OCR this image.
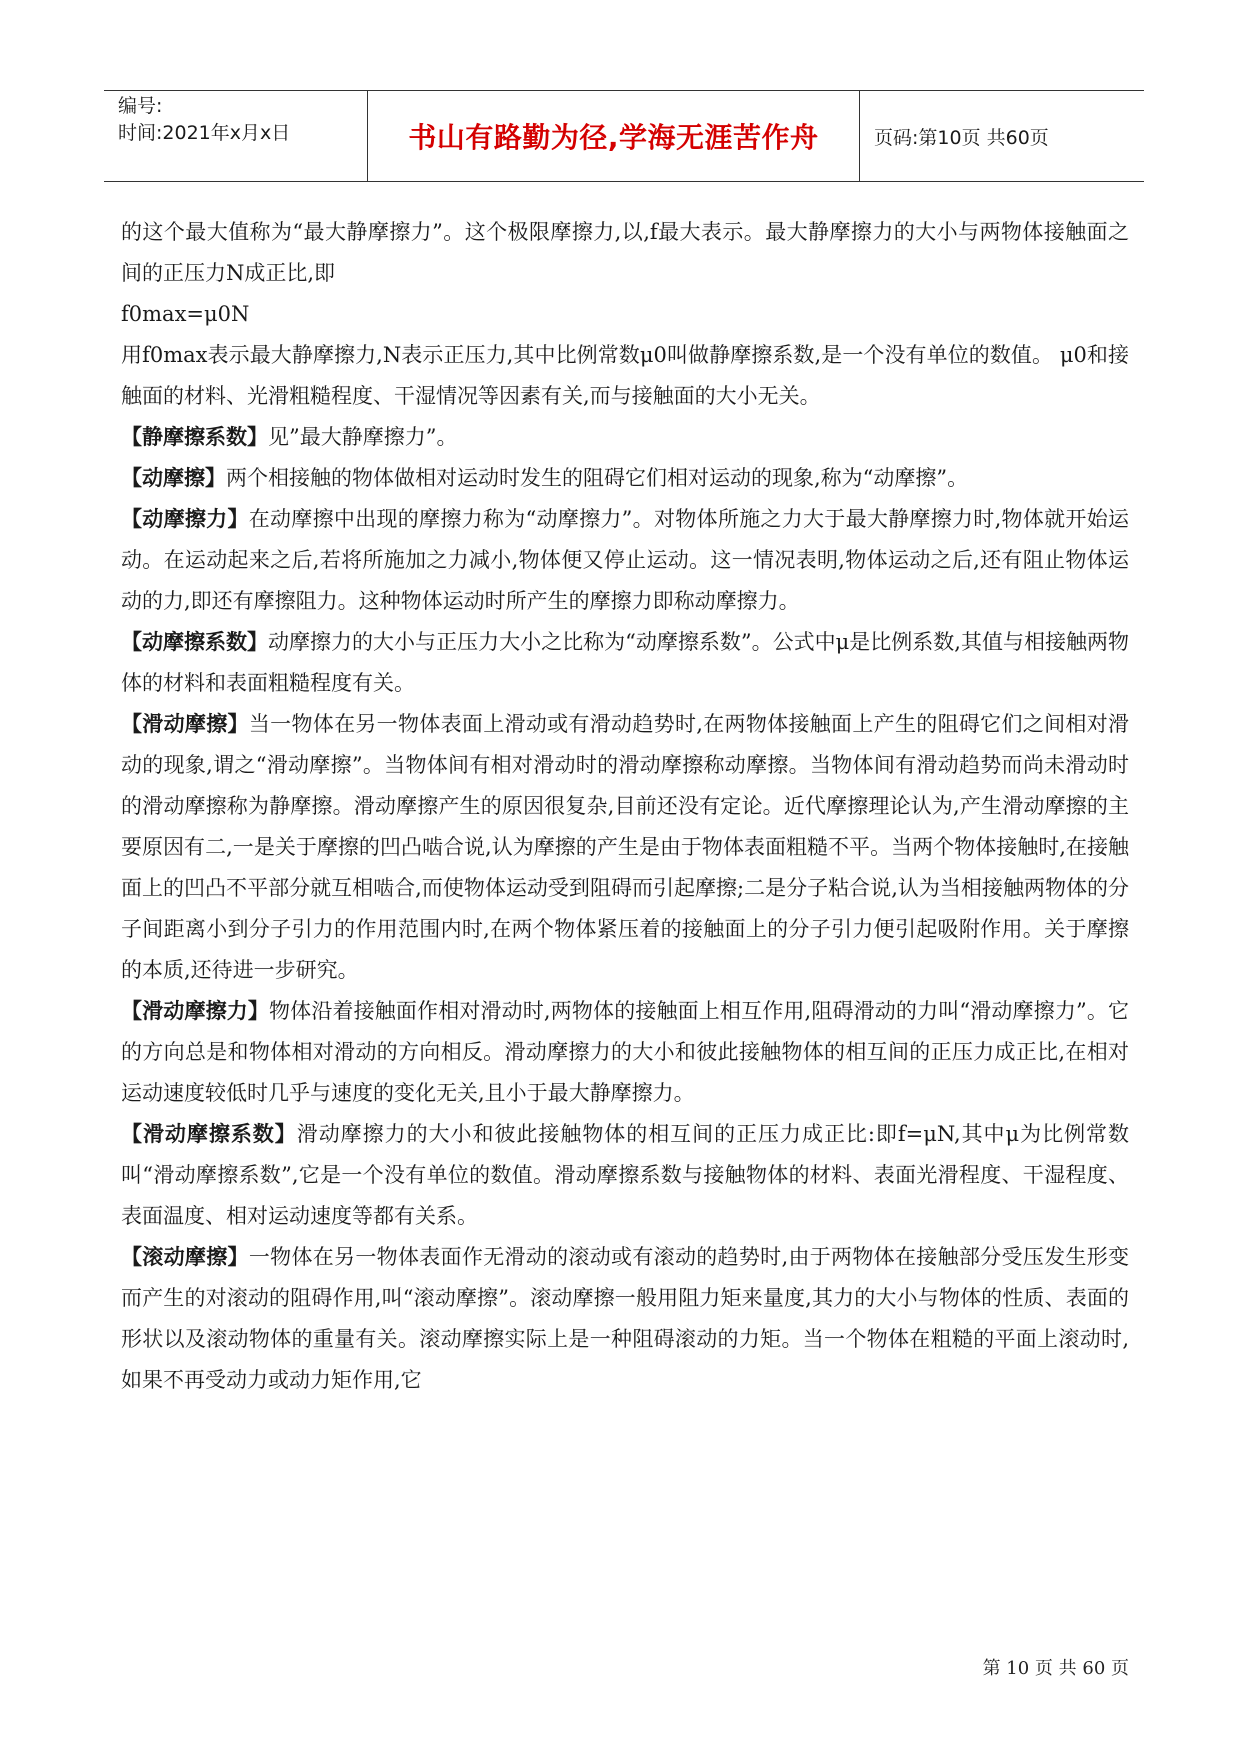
编号:
时间:2021年x月x日	书山有路勤为径,学海无涯苦作舟	页码:第10页 共60页

的这个最大值称为“最大静摩擦力”。这个极限摩擦力,以,f最大表示。最大静摩擦力的大小与两物体接触面之间的正压力N成正比,即

f0max=μ0N

用f0max表示最大静摩擦力,N表示正压力,其中比例常数μ0叫做静摩擦系数,是一个没有单位的数值。 μ0和接触面的材料、光滑粗糙程度、干湿情况等因素有关,而与接触面的大小无关。

【静摩擦系数】见”最大静摩擦力”。

【动摩擦】两个相接触的物体做相对运动时发生的阻碍它们相对运动的现象,称为“动摩擦”。

【动摩擦力】在动摩擦中出现的摩擦力称为“动摩擦力”。对物体所施之力大于最大静摩擦力时,物体就开始运动。在运动起来之后,若将所施加之力减小,物体便又停止运动。这一情况表明,物体运动之后,还有阻止物体运动的力,即还有摩擦阻力。这种物体运动时所产生的摩擦力即称动摩擦力。

【动摩擦系数】动摩擦力的大小与正压力大小之比称为“动摩擦系数”。公式中μ是比例系数,其值与相接触两物体的材料和表面粗糙程度有关。

【滑动摩擦】当一物体在另一物体表面上滑动或有滑动趋势时,在两物体接触面上产生的阻碍它们之间相对滑动的现象,谓之“滑动摩擦”。当物体间有相对滑动时的滑动摩擦称动摩擦。当物体间有滑动趋势而尚未滑动时的滑动摩擦称为静摩擦。滑动摩擦产生的原因很复杂,目前还没有定论。近代摩擦理论认为,产生滑动摩擦的主要原因有二,一是关于摩擦的凹凸啮合说,认为摩擦的产生是由于物体表面粗糙不平。当两个物体接触时,在接触面上的凹凸不平部分就互相啮合,而使物体运动受到阻碍而引起摩擦;二是分子粘合说,认为当相接触两物体的分子间距离小到分子引力的作用范围内时,在两个物体紧压着的接触面上的分子引力便引起吸附作用。关于摩擦的本质,还待进一步研究。

【滑动摩擦力】物体沿着接触面作相对滑动时,两物体的接触面上相互作用,阻碍滑动的力叫“滑动摩擦力”。它的方向总是和物体相对滑动的方向相反。滑动摩擦力的大小和彼此接触物体的相互间的正压力成正比,在相对运动速度较低时几乎与速度的变化无关,且小于最大静摩擦力。

【滑动摩擦系数】滑动摩擦力的大小和彼此接触物体的相互间的正压力成正比:即f=μN,其中μ为比例常数叫“滑动摩擦系数”,它是一个没有单位的数值。滑动摩擦系数与接触物体的材料、表面光滑程度、干湿程度、表面温度、相对运动速度等都有关系。

【滚动摩擦】一物体在另一物体表面作无滑动的滚动或有滚动的趋势时,由于两物体在接触部分受压发生形变而产生的对滚动的阻碍作用,叫“滚动摩擦”。滚动摩擦一般用阻力矩来量度,其力的大小与物体的性质、表面的形状以及滚动物体的重量有关。滚动摩擦实际上是一种阻碍滚动的力矩。当一个物体在粗糙的平面上滚动时,如果不再受动力或动力矩作用,它

第 10 页 共 60 页
